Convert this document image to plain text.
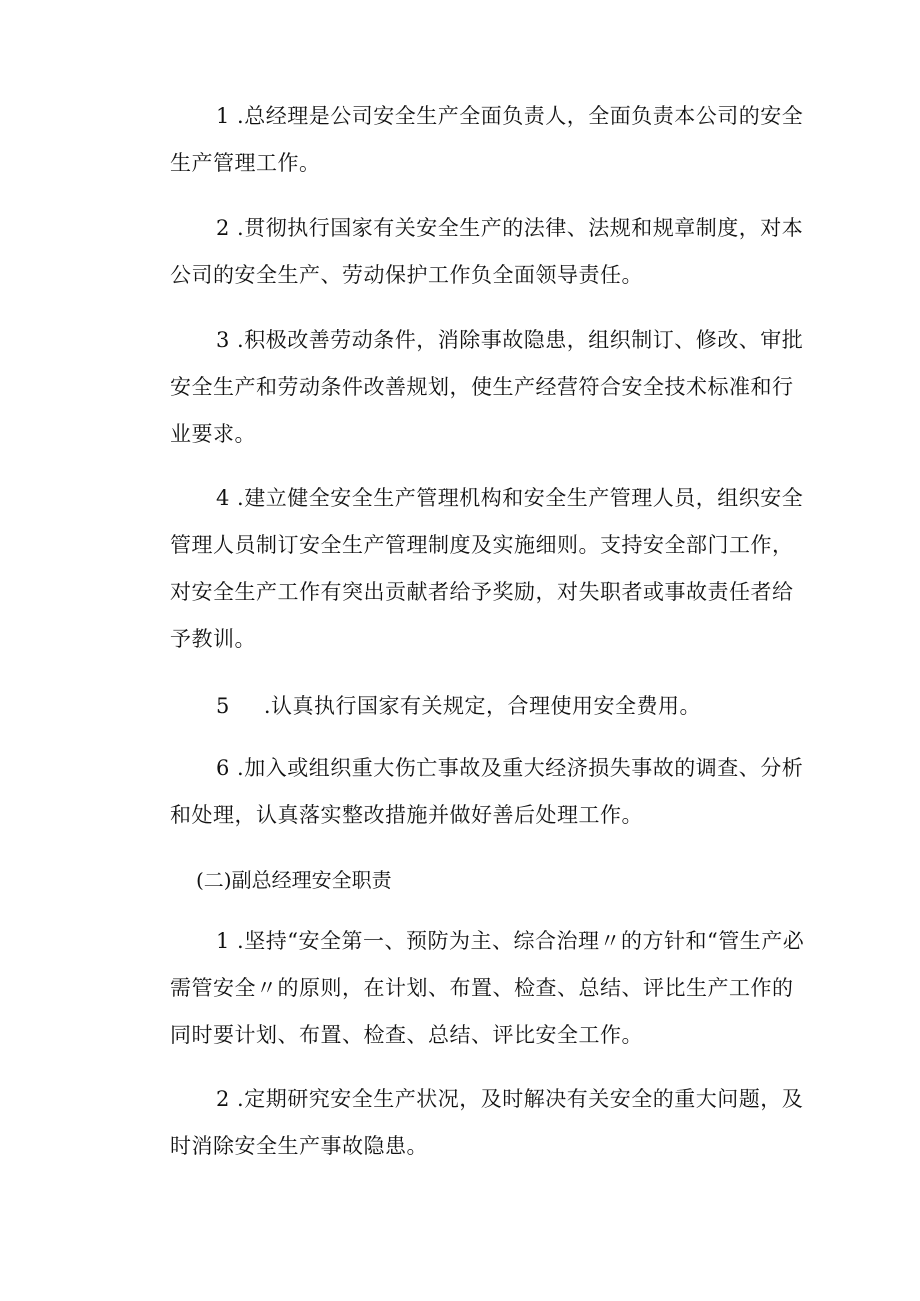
1 .总经理是公司安全生产全面负责人，全面负责本公司的安全生产管理工作。

2 .贯彻执行国家有关安全生产的法律、法规和规章制度，对本公司的安全生产、劳动保护工作负全面领导责任。

3 .积极改善劳动条件，消除事故隐患，组织制订、修改、审批安全生产和劳动条件改善规划，使生产经营符合安全技术标准和行业要求。

4 .建立健全安全生产管理机构和安全生产管理人员，组织安全管理人员制订安全生产管理制度及实施细则。支持安全部门工作，对安全生产工作有突出贡献者给予奖励，对失职者或事故责任者给予教训。

5 .认真执行国家有关规定，合理使用安全费用。

6 .加入或组织重大伤亡事故及重大经济损失事故的调查、分析和处理，认真落实整改措施并做好善后处理工作。

(二)副总经理安全职责

1 .坚持“安全第一、预防为主、综合治理〃的方针和“管生产必需管安全〃的原则，在计划、布置、检查、总结、评比生产工作的同时要计划、布置、检查、总结、评比安全工作。

2 .定期研究安全生产状况，及时解决有关安全的重大问题，及时消除安全生产事故隐患。
